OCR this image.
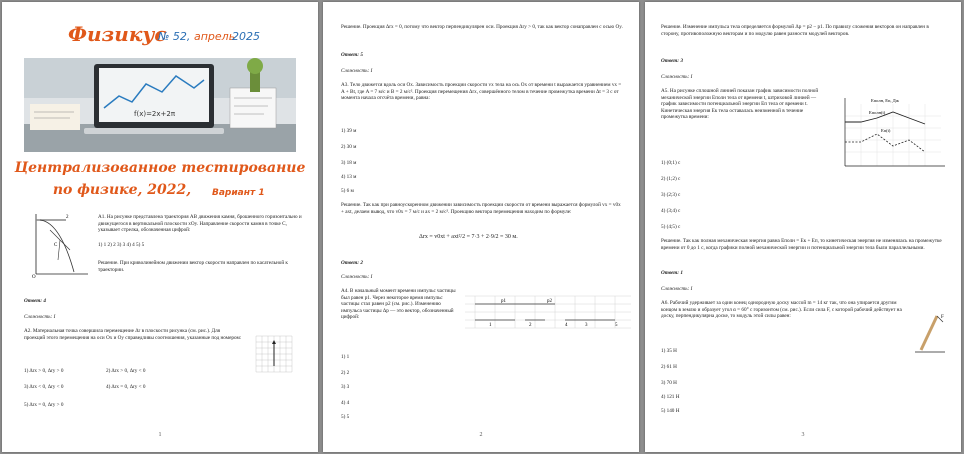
Физикус
№ 52, апрель
2025
f(x)=2x+2π
Централизованное тестирование
по физике, 2022,	Вариант 1
O
2
C
А1. На рисунке представлена траектория AB движения камня, брошенного горизонтально и движущегося в вертикальной плоскости xOy. Направление скорости камня в точке C, указывает стрелка, обозначенная цифрой:
1) 1 2) 2 3) 3 4) 4 5) 5
Решение. При криволинейном движении вектор скорости направлен по касательной к траектории.
Ответ: 4
Сложность: I
А2. Материальная точка совершила перемещение Δr в плоскости рисунка (см. рис.). Для проекций этого перемещения на оси Ox и Oy справедливы соотношения, указанные под номером:
1) Δrx > 0, Δry > 0	2) Δrx > 0, Δry < 0
3) Δrx < 0, Δry < 0	4) Δrx = 0, Δry < 0
5) Δrx = 0, Δry > 0
1
Решение. Проекция Δrx = 0, потому что вектор перпендикулярен оси. Проекция Δry > 0, так как вектор сонаправлен с осью Oy.
Ответ: 5
Сложность: I
А3. Тело движется вдоль оси Ox. Зависимость проекции скорости vx тела на ось Ox от времени t выражается уравнением vx = A + Bt, где A = 7 м/с и B = 2 м/с². Проекция перемещения Δrx, совершённого телом в течение промежутка времени Δt = 3 с от момента начала отсчёта времени, равна:
1) 39 м
2) 30 м
3) 18 м
4) 13 м
5) 6 м
Решение. Так как при равноускоренном движении зависимость проекции скорости от времени выражается формулой vx = v0x + axt, делаем вывод, что v0x = 7 м/с и ax = 2 м/с². Проекцию вектора перемещения находим по формуле:
Δrx = v0xt + axt²/2 = 7·3 + 2·9/2 = 30 м.
Ответ: 2
Сложность: I
А4. В начальный момент времени импульс частицы был равен p1. Через некоторое время импульс частицы стал равен p2 (см. рис.). Изменению импульса частицы Δp — это вектор, обозначенный цифрой:
p1	p2
1	2	3
4	5
1) 1
2) 2
3) 3
4) 4
5) 5
2
Решение. Изменение импульса тела определяется формулой Δp = p2 − p1. По правилу сложения векторов он направлен в сторону, противоположную векторам и по модулю равен разности модулей векторов.
Ответ: 3
Сложность: I
А5. На рисунке сплошной линией показан график зависимости полной механической энергии Eполн тела от времени t, штриховой линией — график зависимости потенциальной энергии Eп тела от времени t. Кинетическая энергия Eк тела оставалась неизменной в течение промежутка времени:
Eполн(t)
Eп(t)
Eполн, Eп, Дж
1) (0;1) с
2) (1;2) с
3) (2;3) с
4) (3;4) с
5) (4;5) с
Решение. Так как полная механическая энергия равна Eполн = Eк + Eп, то кинетическая энергия не изменялась на промежутке времени от 0 до 1 с, когда графики полной механической энергии и потенциальной энергии тела были параллельными.
Ответ: 1
Сложность: I
А6. Рабочий удерживает за один конец однородную доску массой m = 14 кг так, что она упирается другим концом в землю и образует угол α = 60° с горизонтом (см. рис.). Если сила F, с которой рабочий действует на доску, перпендикулярна доске, то модуль этой силы равен:	F
1) 35 Н
2) 61 Н
3) 70 Н
4) 121 Н
5) 140 Н
3
